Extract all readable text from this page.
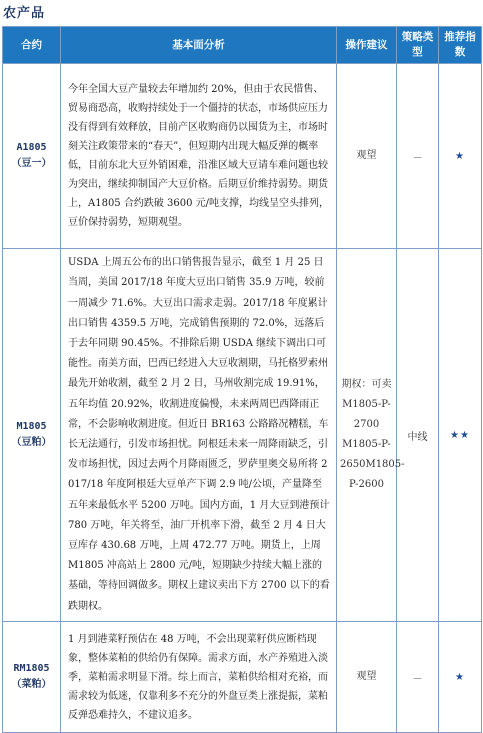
农产品
合约	基本面分析	操作建议	策略类型	推荐指数

A1805
（豆一）	今年全国大豆产量较去年增加约 20%，但由于农民惜售、贸易商恐高，收购持续处于一个僵持的状态，市场供应压力没有得到有效释放，目前产区收购商仍以囤货为主，市场时刻关注政策带来的“春天”，但短期内出现大幅反弹的概率低，目前东北大豆外销困难，沿淮区域大豆请车难问题也较为突出，继续抑制国产大豆价格。后期豆价维持弱势。期货上，A1805 合约跌破 3600 元/吨支撑，均线呈空头排列，豆价保持弱势，短期观望。	观望	－	★

M1805
（豆粕）	USDA 上周五公布的出口销售报告显示，截至 1 月 25 日当周，美国 2017/18 年度大豆出口销售 35.9 万吨，较前一周减少 71.6%。大豆出口需求走弱。2017/18 年度累计出口销售 4359.5 万吨，完成销售预期的 72.0%，远落后于去年同期 90.45%。不排除后期 USDA 继续下调出口可能性。南美方面，巴西已经进入大豆收割期，马托格罗索州最先开始收割，截至 2 月 2 日，马州收割完成 19.91%，五年均值 20.92%，收割进度偏慢，未来两周巴西降雨正常，不会影响收割进度。但近日 BR163 公路路况糟糕，车长无法通行，引发市场担忧。阿根廷未来一周降雨缺乏，引发市场担忧，因过去两个月降雨匮乏，罗萨里奥交易所将 2017/18 年度阿根廷大豆单产下调 2.9 吨/公顷，产量降至五年来最低水平 5200 万吨。国内方面，1 月大豆到港预计 780 万吨，年关将至，油厂开机率下滑，截至 2 月 4 日大豆库存 430.68 万吨，上周 472.77 万吨。期货上，上周 M1805 冲高站上 2800 元/吨，短期缺少持续大幅上涨的基础，等待回调做多。期权上建议卖出下方 2700 以下的看跌期权。	期权：可卖 M1805-P-2700 M1805-P-2650M1805-P-2600	中线	★★

RM1805
（菜粕）	1 月到港菜籽预估在 48 万吨，不会出现菜籽供应断档现象，整体菜粕的供给仍有保障。需求方面，水产养殖进入淡季，菜粕需求明显下滑。综上而言，菜粕供给相对充裕，而需求较为低迷，仅靠利多不充分的外盘豆类上涨提振，菜粕反弹恐难持久，不建议追多。	观望	－	★
